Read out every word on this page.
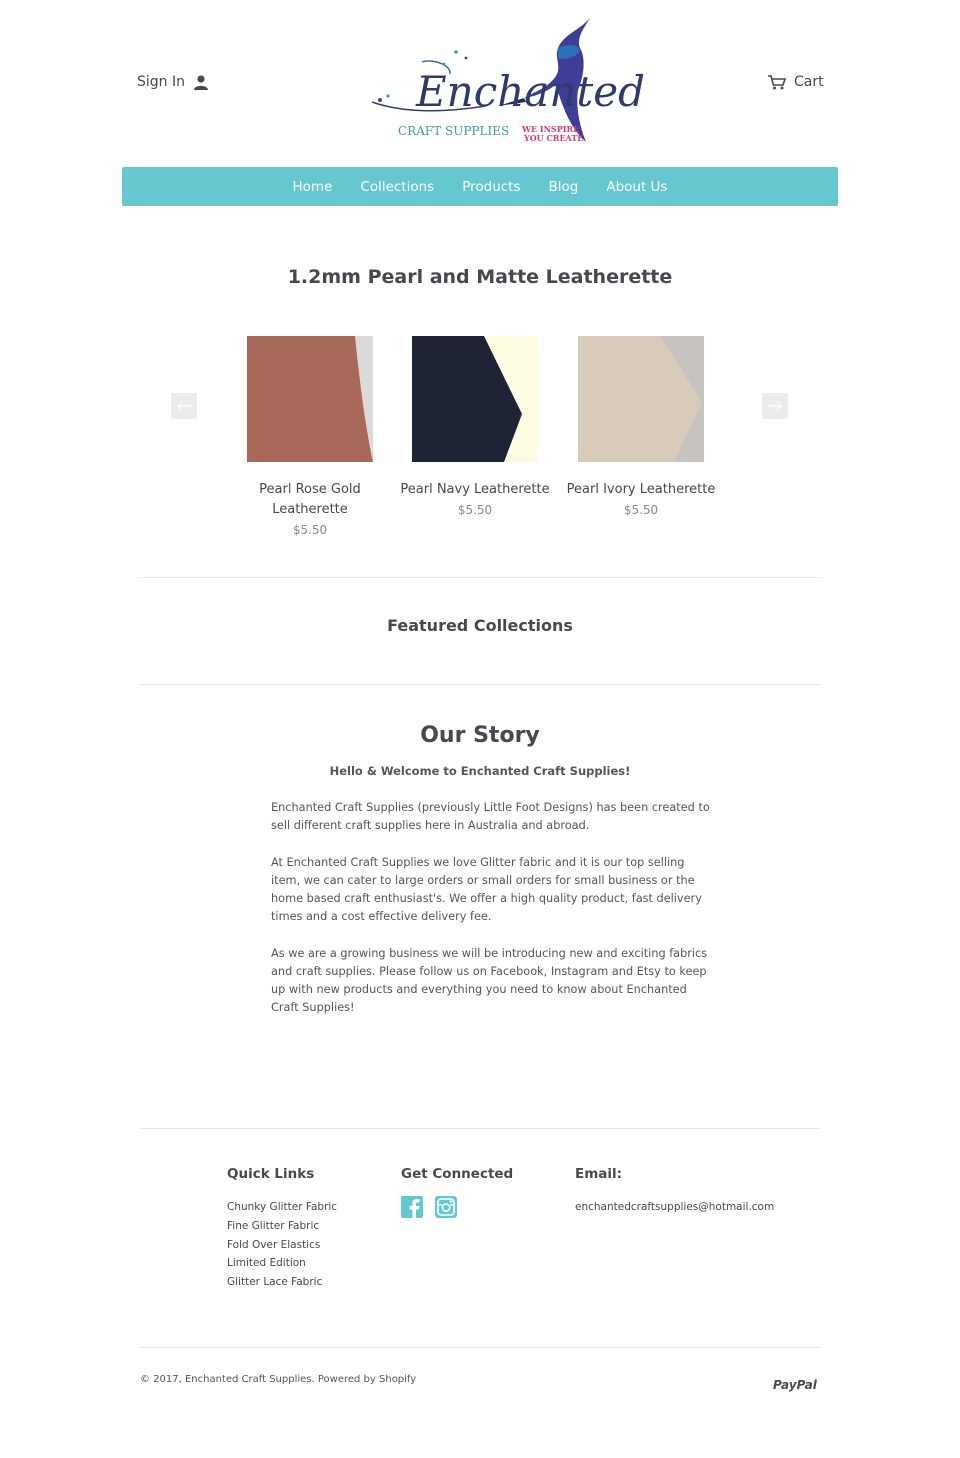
Sign In	Enchanted
CRAFT SUPPLIES WE INSPIRE
YOU CREATE
Cart
Home Collections Products Blog About Us
1.2mm Pearl and Matte Leatherette
Pearl Rose Gold Leatherette
$5.50
Pearl Navy Leatherette
$5.50
Pearl Ivory Leatherette
$5.50
Featured Collections
Our Story
Hello & Welcome to Enchanted Craft Supplies!

Enchanted Craft Supplies (previously Little Foot Designs) has been created to sell different craft supplies here in Australia and abroad.

At Enchanted Craft Supplies we love Glitter fabric and it is our top selling item, we can cater to large orders or small orders for small business or the home based craft enthusiast's. We offer a high quality product, fast delivery times and a cost effective delivery fee.

As we are a growing business we will be introducing new and exciting fabrics and craft supplies. Please follow us on Facebook, Instagram and Etsy to keep up with new products and everything you need to know about Enchanted Craft Supplies!

Quick Links
Chunky Glitter Fabric
Fine Glitter Fabric
Fold Over Elastics
Limited Edition
Glitter Lace Fabric
Get Connected	Email:
enchantedcraftsupplies@hotmail.com
© 2017, Enchanted Craft Supplies. Powered by Shopify	PayPal
